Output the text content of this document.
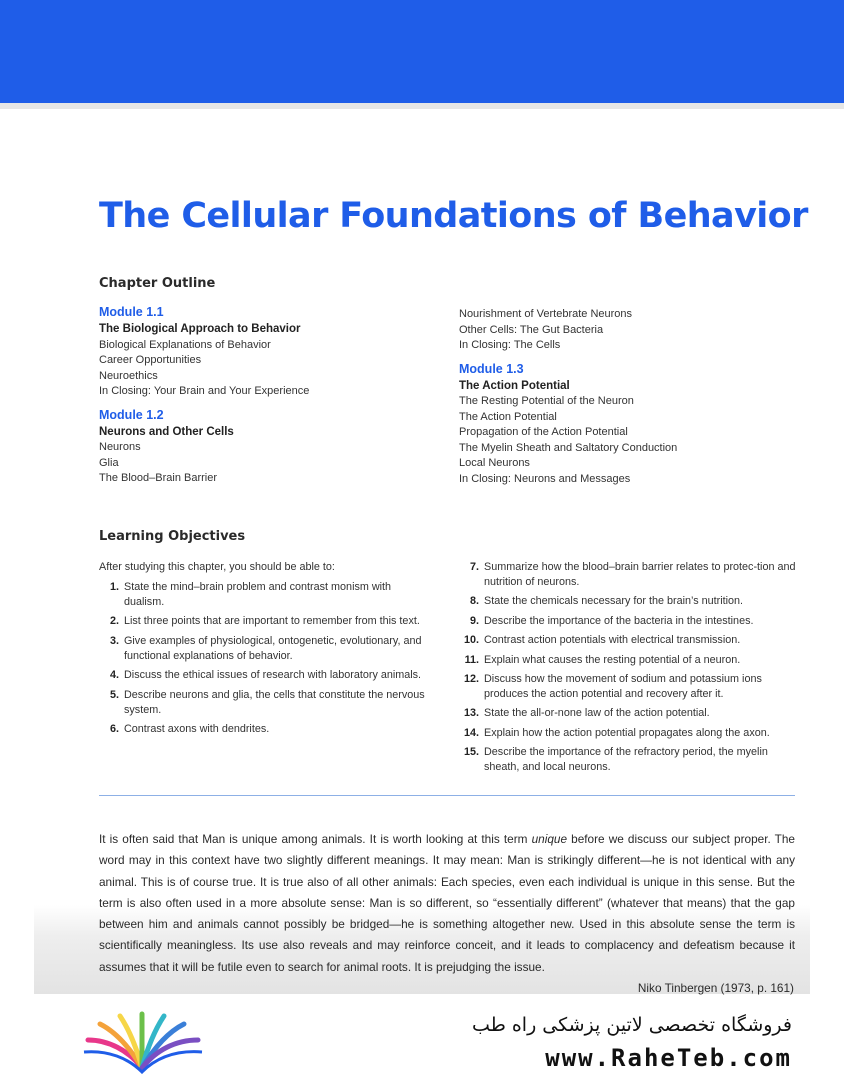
The Cellular Foundations of Behavior
Chapter Outline
Module 1.1
The Biological Approach to Behavior
Biological Explanations of Behavior
Career Opportunities
Neuroethics
In Closing: Your Brain and Your Experience
Module 1.2
Neurons and Other Cells
Neurons
Glia
The Blood–Brain Barrier
Nourishment of Vertebrate Neurons
Other Cells: The Gut Bacteria
In Closing: The Cells
Module 1.3
The Action Potential
The Resting Potential of the Neuron
The Action Potential
Propagation of the Action Potential
The Myelin Sheath and Saltatory Conduction
Local Neurons
In Closing: Neurons and Messages
Learning Objectives
After studying this chapter, you should be able to:
1. State the mind–brain problem and contrast monism with dualism.
2. List three points that are important to remember from this text.
3. Give examples of physiological, ontogenetic, evolutionary, and functional explanations of behavior.
4. Discuss the ethical issues of research with laboratory animals.
5. Describe neurons and glia, the cells that constitute the nervous system.
6. Contrast axons with dendrites.
7. Summarize how the blood–brain barrier relates to protec-tion and nutrition of neurons.
8. State the chemicals necessary for the brain’s nutrition.
9. Describe the importance of the bacteria in the intestines.
10. Contrast action potentials with electrical transmission.
11. Explain what causes the resting potential of a neuron.
12. Discuss how the movement of sodium and potassium ions produces the action potential and recovery after it.
13. State the all-or-none law of the action potential.
14. Explain how the action potential propagates along the axon.
15. Describe the importance of the refractory period, the myelin sheath, and local neurons.

It is often said that Man is unique among animals. It is worth looking at this term unique before we discuss our subject proper. The word may in this context have two slightly different meanings. It may mean: Man is strikingly different—he is not identical with any animal. This is of course true. It is true also of all other animals: Each species, even each individual is unique in this sense. But the term is also often used in a more absolute sense: Man is so different, so “essentially different” (whatever that means) that the gap between him and animals cannot possibly be bridged—he is something altogether new. Used in this absolute sense the term is scientifically meaningless. Its use also reveals and may reinforce conceit, and it leads to complacency and defeatism because it assumes that it will be futile even to search for animal roots. It is prejudging the issue.

Niko Tinbergen (1973, p. 161)
فروشگاه تخصصی لاتین پزشکی راه طب
www.RaheTeb.com
